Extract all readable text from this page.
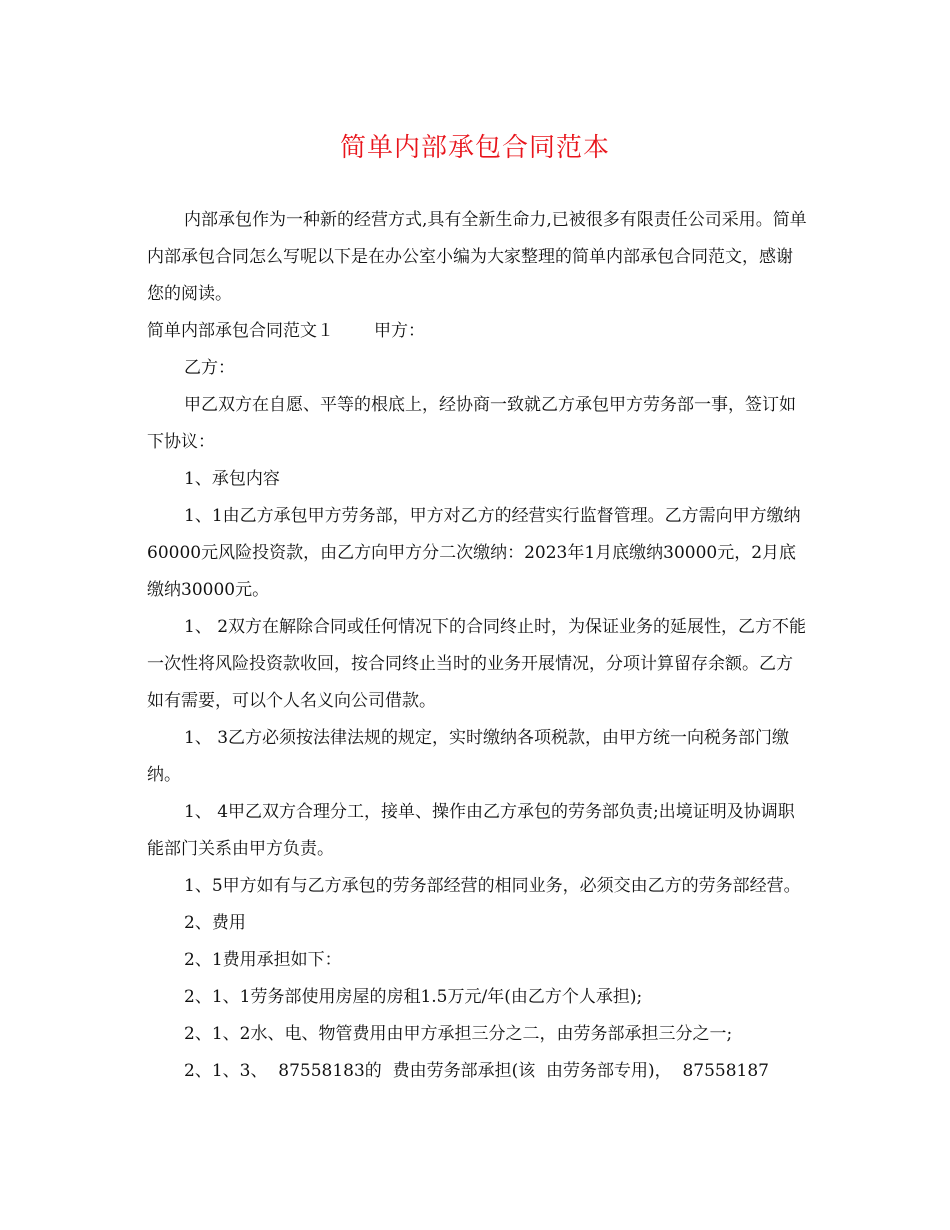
简单内部承包合同范本

内部承包作为一种新的经营方式,具有全新生命力,已被很多有限责任公司采用。简单内部承包合同怎么写呢以下是在办公室小编为大家整理的简单内部承包合同范文，感谢您的阅读。

简单内部承包合同范文１ 甲方：

乙方：

甲乙双方在自愿、平等的根底上，经协商一致就乙方承包甲方劳务部一事，签订如下协议：

1、承包内容

1、1由乙方承包甲方劳务部，甲方对乙方的经营实行监督管理。乙方需向甲方缴纳60000元风险投资款，由乙方向甲方分二次缴纳：2023年1月底缴纳30000元，2月底缴纳30000元。

1、 2双方在解除合同或任何情况下的合同终止时，为保证业务的延展性，乙方不能一次性将风险投资款收回，按合同终止当时的业务开展情况，分项计算留存余额。乙方如有需要，可以个人名义向公司借款。

1、 3乙方必须按法律法规的规定，实时缴纳各项税款，由甲方统一向税务部门缴纳。

1、 4甲乙双方合理分工，接单、操作由乙方承包的劳务部负责;出境证明及协调职能部门关系由甲方负责。

1、5甲方如有与乙方承包的劳务部经营的相同业务，必须交由乙方的劳务部经营。

2、费用

2、1费用承担如下：

2、1、1劳务部使用房屋的房租1.5万元/年(由乙方个人承担);

2、1、2水、电、物管费用由甲方承担三分之二，由劳务部承担三分之一;

2、1、3、  87558183的  费由劳务部承担(该  由劳务部专用)，  87558187
